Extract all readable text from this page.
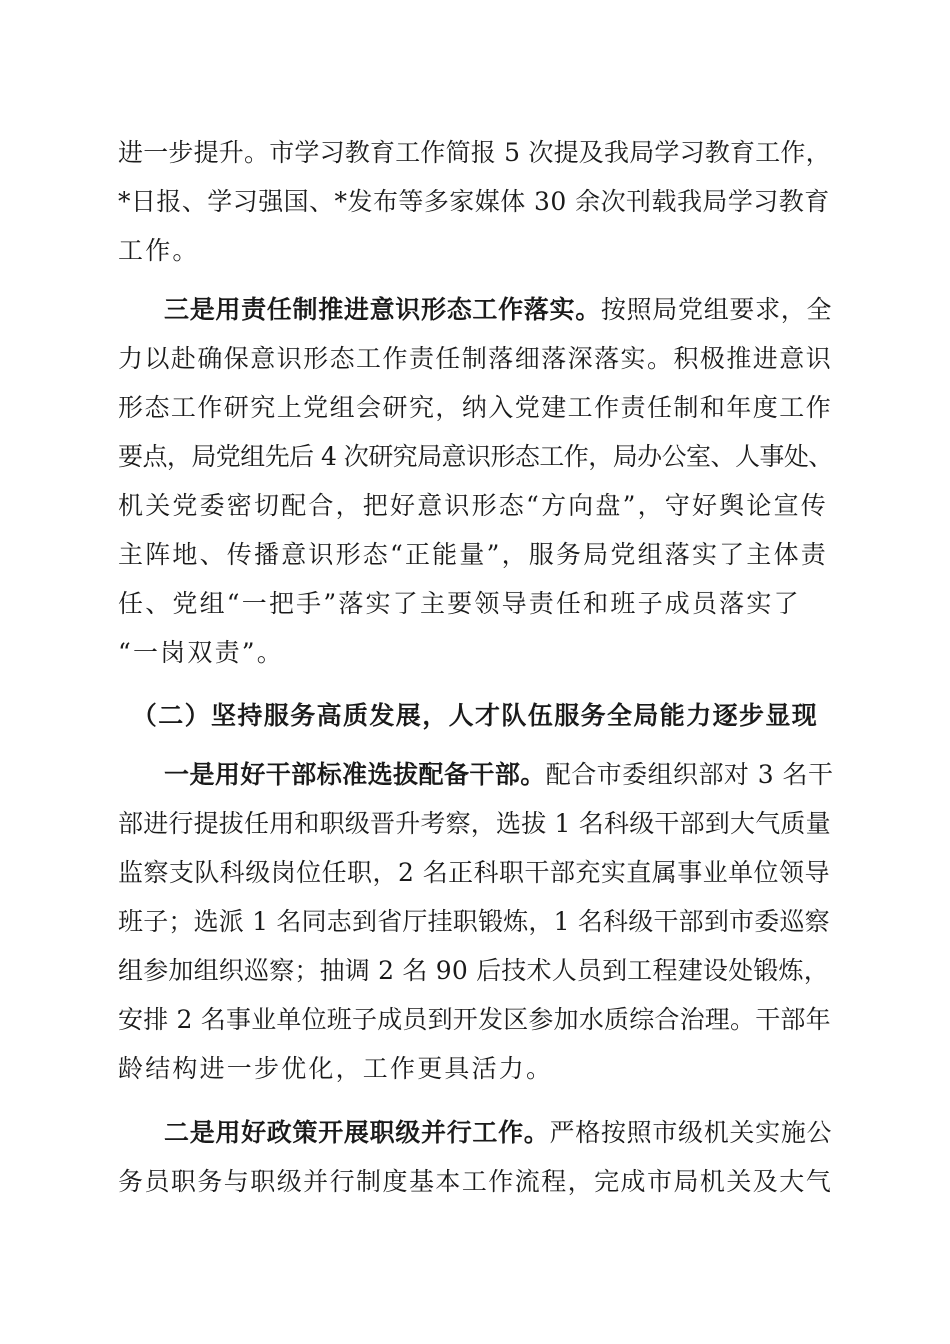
进一步提升。市学习教育工作简报 5 次提及我局学习教育工作，
*日报、学习强国、*发布等多家媒体 30 余次刊载我局学习教育
工作。
三是用责任制推进意识形态工作落实。按照局党组要求，全
力以赴确保意识形态工作责任制落细落深落实。积极推进意识
形态工作研究上党组会研究，纳入党建工作责任制和年度工作
要点，局党组先后 4 次研究局意识形态工作，局办公室、人事处、
机关党委密切配合，把好意识形态“方向盘”，守好舆论宣传
主阵地、传播意识形态“正能量”，服务局党组落实了主体责
任、党组“一把手”落实了主要领导责任和班子成员落实了
“一岗双责”。
（二）坚持服务高质发展，人才队伍服务全局能力逐步显现
一是用好干部标准选拔配备干部。配合市委组织部对 3 名干
部进行提拔任用和职级晋升考察，选拔 1 名科级干部到大气质量
监察支队科级岗位任职，2 名正科职干部充实直属事业单位领导
班子；选派 1 名同志到省厅挂职锻炼，1 名科级干部到市委巡察
组参加组织巡察；抽调 2 名 90 后技术人员到工程建设处锻炼，
安排 2 名事业单位班子成员到开发区参加水质综合治理。干部年
龄结构进一步优化，工作更具活力。
二是用好政策开展职级并行工作。严格按照市级机关实施公
务员职务与职级并行制度基本工作流程，完成市局机关及大气
